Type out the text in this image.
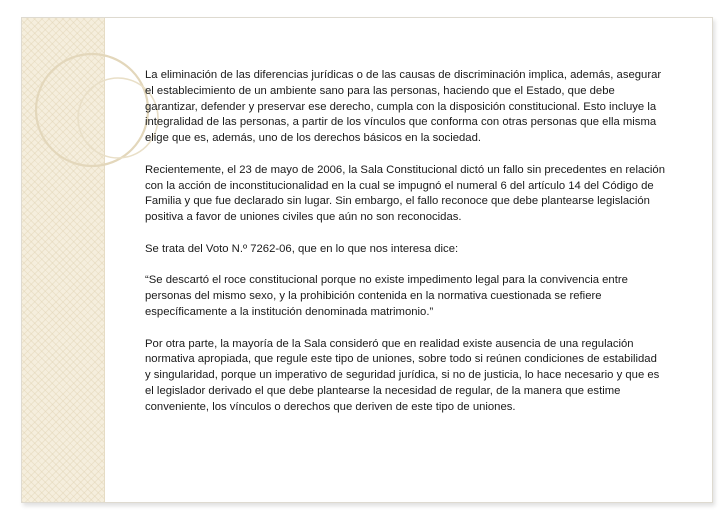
La eliminación de las diferencias jurídicas o de las causas de discriminación implica, además, asegurar el establecimiento de un ambiente sano para las personas, haciendo que el Estado, que debe garantizar, defender y preservar ese derecho, cumpla con la disposición constitucional. Esto incluye la integralidad de las personas, a partir de los vínculos que conforma con otras personas que ella misma elige que es, además, uno de los derechos básicos en la sociedad.

Recientemente, el 23 de mayo de 2006, la Sala Constitucional dictó un fallo sin precedentes en relación con la acción de inconstitucionalidad en la cual se impugnó el numeral 6 del artículo 14 del Código de Familia y que fue declarado sin lugar. Sin embargo, el fallo reconoce que debe plantearse legislación positiva a favor de uniones civiles que aún no son reconocidas.

Se trata del Voto N.º 7262-06, que en lo que nos interesa dice:

“Se descartó el roce constitucional porque no existe impedimento legal para la convivencia entre personas del mismo sexo, y la prohibición contenida en la normativa cuestionada se refiere específicamente a la institución denominada matrimonio.”

Por otra parte, la mayoría de la Sala consideró que en realidad existe ausencia de una regulación normativa apropiada, que regule este tipo de uniones, sobre todo si reúnen condiciones de estabilidad y singularidad, porque un imperativo de seguridad jurídica, si no de justicia, lo hace necesario y que es el legislador derivado el que debe plantearse la necesidad de regular, de la manera que estime conveniente, los vínculos o derechos que deriven de este tipo de uniones.
